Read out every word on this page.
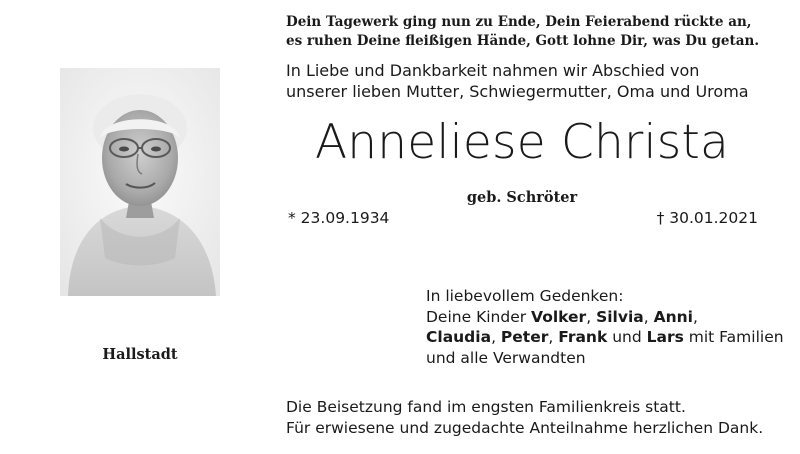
Dein Tagewerk ging nun zu Ende, Dein Feierabend rückte an,
es ruhen Deine fleißigen Hände, Gott lohne Dir, was Du getan.
In Liebe und Dankbarkeit nahmen wir Abschied von
unserer lieben Mutter, Schwiegermutter, Oma und Uroma
Anneliese Christa
geb. Schröter
* 23.09.1934	† 30.01.2021
Hallstadt
In liebevollem Gedenken:
Deine Kinder Volker, Silvia, Anni,
Claudia, Peter, Frank und Lars mit Familien
und alle Verwandten
Die Beisetzung fand im engsten Familienkreis statt.
Für erwiesene und zugedachte Anteilnahme herzlichen Dank.
